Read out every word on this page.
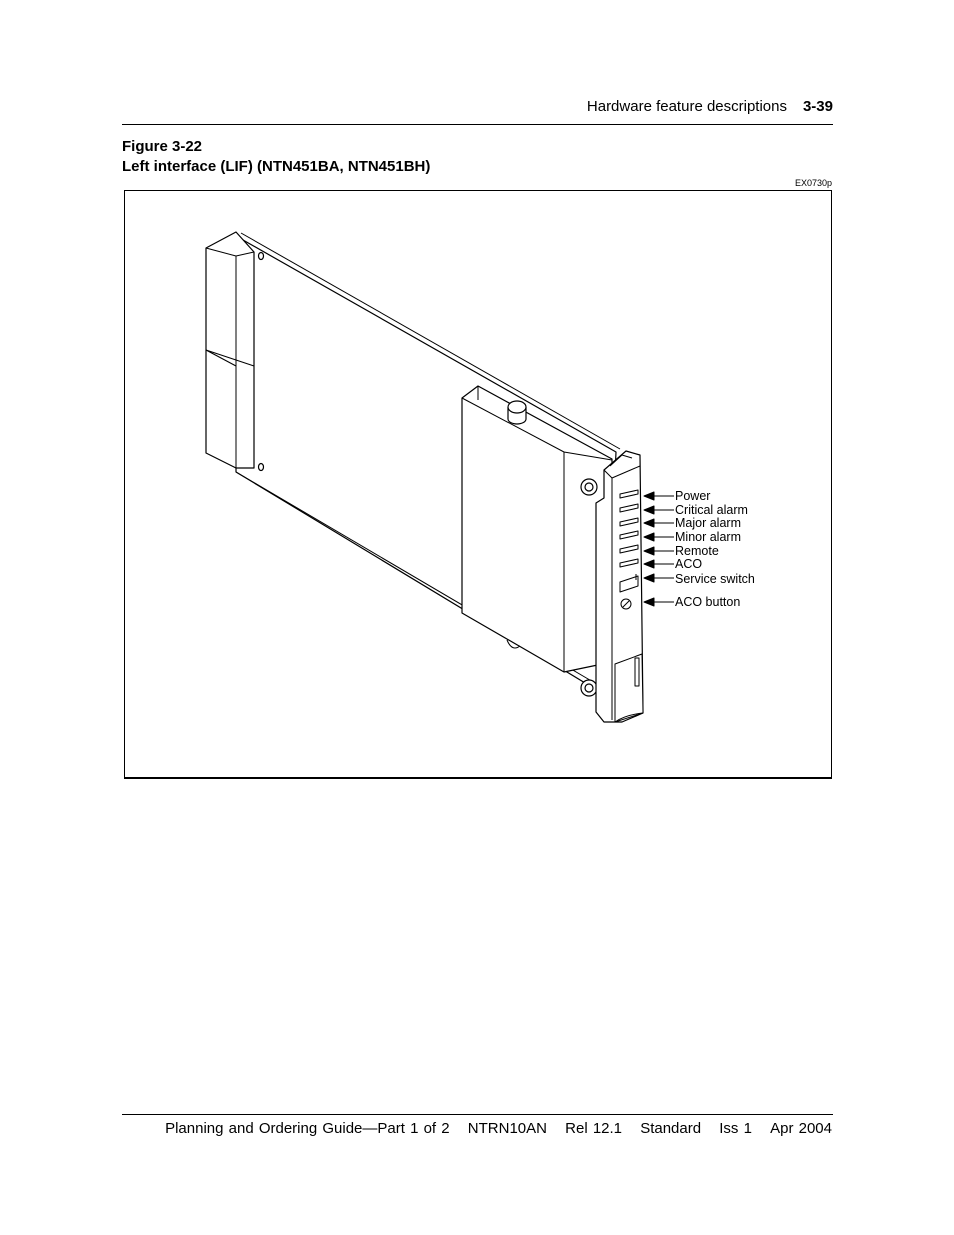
Hardware feature descriptions 3-39
Figure 3-22
Left interface (LIF) (NTN451BA, NTN451BH)
EX0730p
Power
Critical alarm
Major alarm
Minor alarm
Remote
ACO
Service switch
ACO button
Planning and Ordering Guide—Part 1 of 2 NTRN10AN Rel 12.1 Standard Iss 1 Apr 2004
